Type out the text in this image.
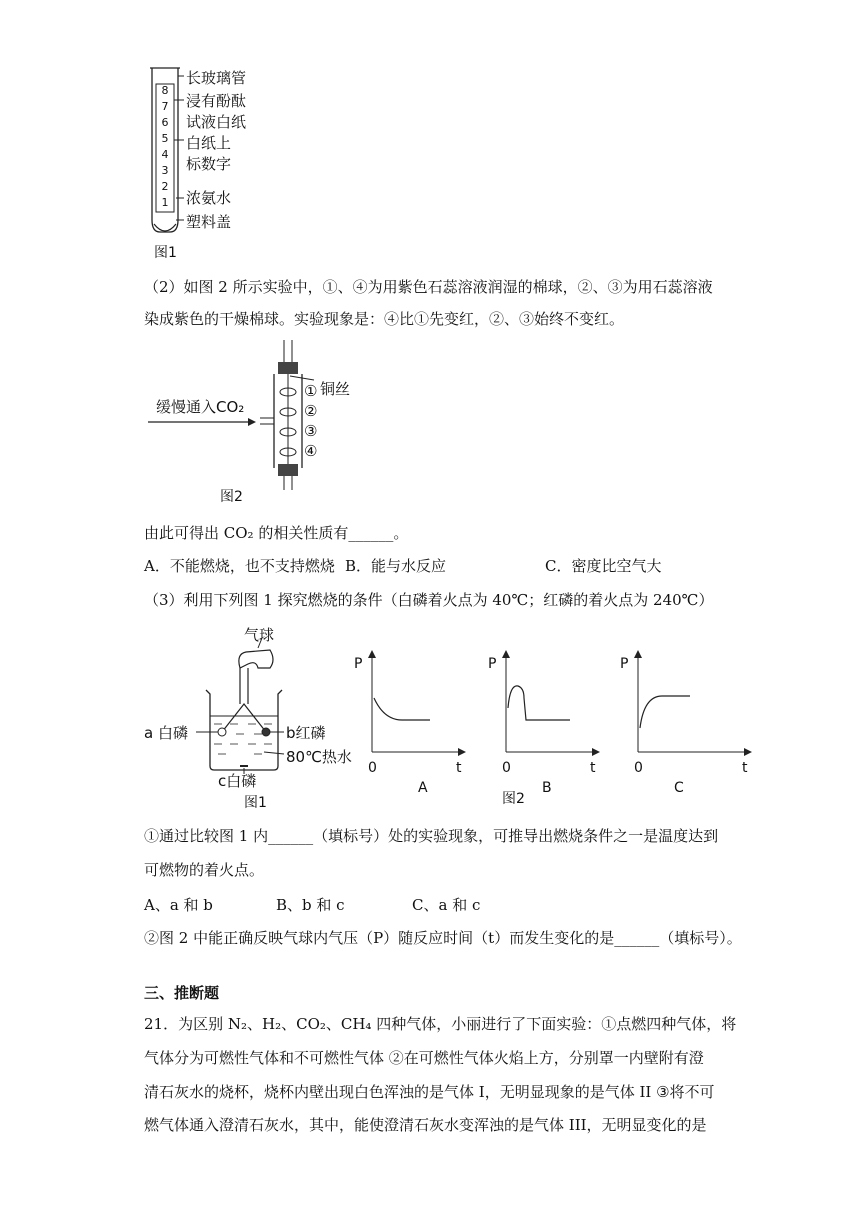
8
7
6
5
4
3
2
1
长玻璃管
浸有酚酞
试液白纸
白纸上
标数字
浓氨水
塑料盖
图1
（2）如图 2 所示实验中，①、④为用紫色石蕊溶液润湿的棉球，②、③为用石蕊溶液
染成紫色的干燥棉球。实验现象是：④比①先变红，②、③始终不变红。
缓慢通入CO₂
铜丝
①
②
③
④
图2
由此可得出 CO₂ 的相关性质有______。
A．不能燃烧，也不支持燃烧 B．能与水反应	C．密度比空气大
（3）利用下列图 1 探究燃烧的条件（白磷着火点为 40℃；红磷的着火点为 240℃）
气球
a 白磷	b红磷
80℃热水
c白磷
图1
P
0	t
A
P
0	t
图2
B
P
0	t
C
①通过比较图 1 内______（填标号）处的实验现象，可推导出燃烧条件之一是温度达到
可燃物的着火点。
A、a 和 b	B、b 和 c	C、a 和 c
②图 2 中能正确反映气球内气压（P）随反应时间（t）而发生变化的是______（填标号）。
三、推断题
21．为区别 N₂、H₂、CO₂、CH₄ 四种气体，小丽进行了下面实验：①点燃四种气体，将
气体分为可燃性气体和不可燃性气体 ②在可燃性气体火焰上方，分别罩一内壁附有澄
清石灰水的烧杯，烧杯内壁出现白色浑浊的是气体 I，无明显现象的是气体 II ③将不可
燃气体通入澄清石灰水，其中，能使澄清石灰水变浑浊的是气体 III，无明显变化的是
